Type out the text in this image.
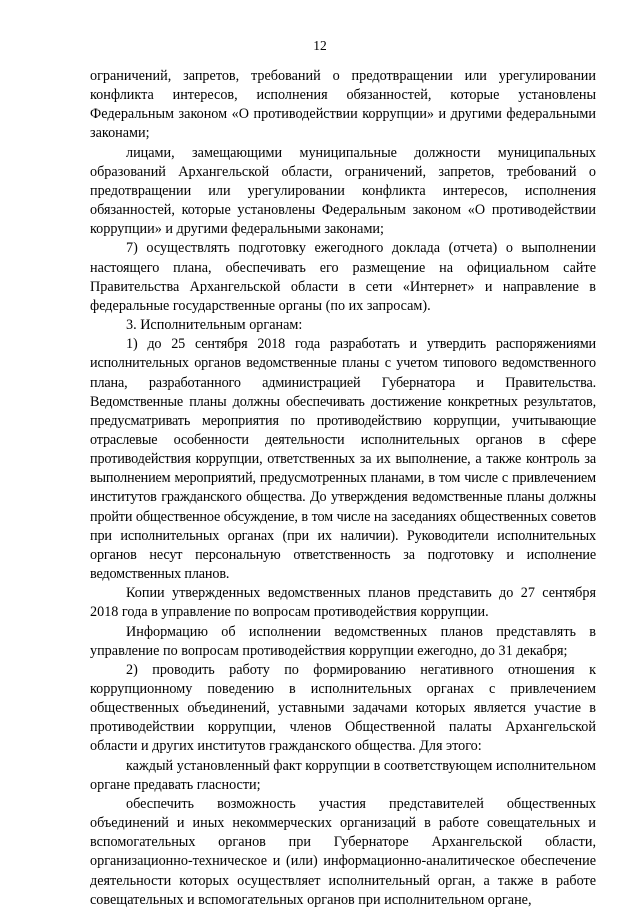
12

ограничений, запретов, требований о предотвращении или урегулировании конфликта интересов, исполнения обязанностей, которые установлены Федеральным законом «О противодействии коррупции» и другими федеральными законами;

лицами, замещающими муниципальные должности муниципальных образований Архангельской области, ограничений, запретов, требований о предотвращении или урегулировании конфликта интересов, исполнения обязанностей, которые установлены Федеральным законом «О противодействии коррупции» и другими федеральными законами;

7) осуществлять подготовку ежегодного доклада (отчета) о выполнении настоящего плана, обеспечивать его размещение на официальном сайте Правительства Архангельской области в сети «Интернет» и направление в федеральные государственные органы (по их запросам).

3. Исполнительным органам:

1) до 25 сентября 2018 года разработать и утвердить распоряжениями исполнительных органов ведомственные планы с учетом типового ведомственного плана, разработанного администрацией Губернатора и Правительства. Ведомственные планы должны обеспечивать достижение конкретных результатов, предусматривать мероприятия по противодействию коррупции, учитывающие отраслевые особенности деятельности исполнительных органов в сфере противодействия коррупции, ответственных за их выполнение, а также контроль за выполнением мероприятий, предусмотренных планами, в том числе с привлечением институтов гражданского общества. До утверждения ведомственные планы должны пройти общественное обсуждение, в том числе на заседаниях общественных советов при исполнительных органах (при их наличии). Руководители исполнительных органов несут персональную ответственность за подготовку и исполнение ведомственных планов.

Копии утвержденных ведомственных планов представить до 27 сентября 2018 года в управление по вопросам противодействия коррупции.

Информацию об исполнении ведомственных планов представлять в управление по вопросам противодействия коррупции ежегодно, до 31 декабря;

2) проводить работу по формированию негативного отношения к коррупционному поведению в исполнительных органах с привлечением общественных объединений, уставными задачами которых является участие в противодействии коррупции, членов Общественной палаты Архангельской области и других институтов гражданского общества. Для этого:

каждый установленный факт коррупции в соответствующем исполнительном органе предавать гласности;

обеспечить возможность участия представителей общественных объединений и иных некоммерческих организаций в работе совещательных и вспомогательных органов при Губернаторе Архангельской области, организационно-техническое и (или) информационно-аналитическое обеспечение деятельности которых осуществляет исполнительный орган, а также в работе совещательных и вспомогательных органов при исполнительном органе,
